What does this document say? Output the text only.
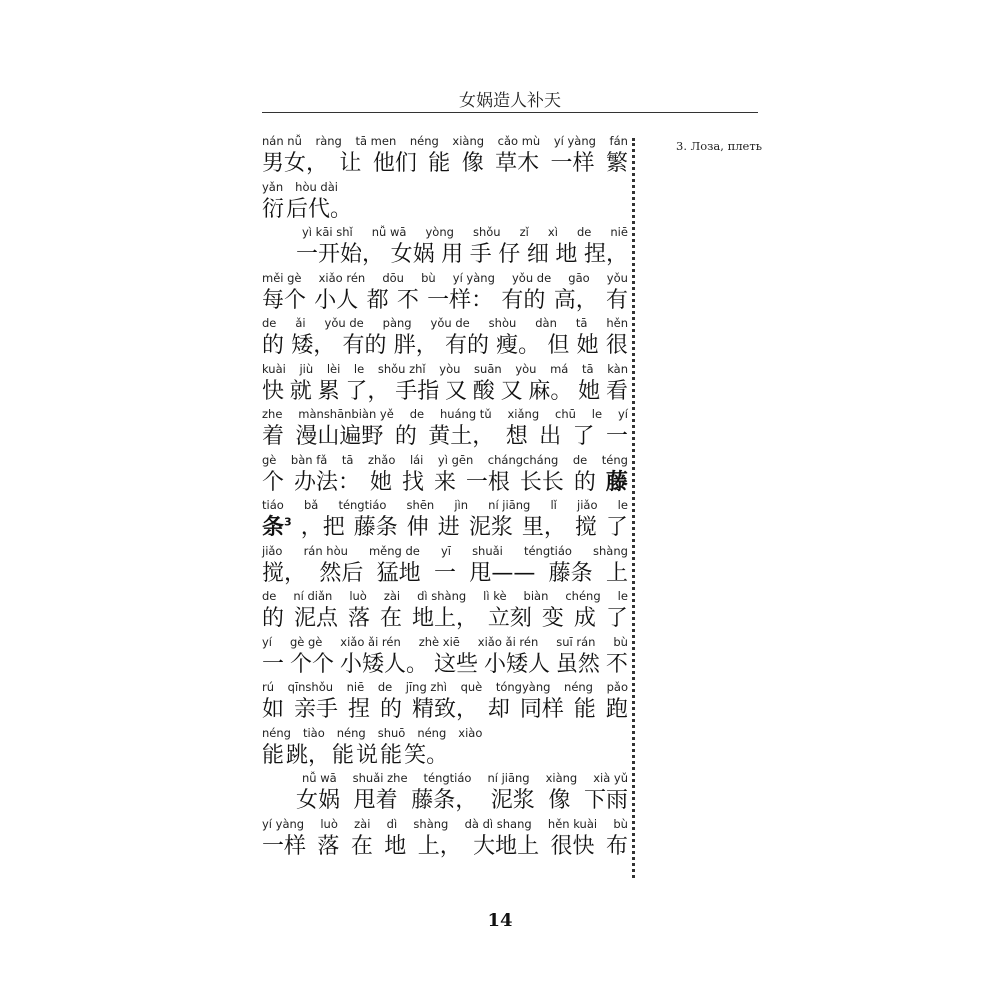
女娲造人补天
nán nǚ ràng tā men néng xiàng cǎo mù yí yàng fán
男女， 让 他们 能 像 草木 一样 繁
yǎn hòu dài
衍 后代。
yì kāi shǐ nǚ wā yòng shǒu zǐ xì de niē
一开始， 女娲 用 手 仔 细 地 捏，
měi gè xiǎo rén dōu bù yí yàng yǒu de gāo yǒu
每个 小人 都 不 一样： 有的 高， 有
de ǎi yǒu de pàng yǒu de shòu dàn tā hěn
的 矮， 有的 胖， 有的 瘦。 但 她 很
kuài jiù lèi le shǒu zhǐ yòu suān yòu má tā kàn
快 就 累 了， 手指 又 酸 又 麻。 她 看
zhe mànshānbiàn yě de huáng tǔ xiǎng chū le yí
着 漫山遍野 的 黄土， 想 出 了 一
gè bàn fǎ tā zhǎo lái yì gēn chángcháng de téng
个 办法： 她 找 来 一根 长长 的 藤
tiáo bǎ téngtiáo shēn jìn ní jiāng lǐ jiǎo le
条$^3$ ，把 藤条 伸 进 泥浆 里， 搅 了
jiǎo rán hòu měng de yī shuǎi téngtiáo shàng
搅， 然后 猛地 一 甩—— 藤条 上
de ní diǎn luò zài dì shàng lì kè biàn chéng le
的 泥点 落 在 地上， 立刻 变 成 了
yí gè gè xiǎo ǎi rén zhè xiē xiǎo ǎi rén suī rán bù
一 个个 小矮人。 这些 小矮人 虽然 不
rú qīnshǒu niē de jīng zhì què tóngyàng néng pǎo
如 亲手 捏 的 精致， 却 同样 能 跑
néng tiào néng shuō néng xiào
能 跳， 能 说 能 笑。
nǚ wā shuǎi zhe téngtiáo ní jiāng xiàng xià yǔ
女娲 甩着 藤条， 泥浆 像 下雨
yí yàng luò zài dì shàng dà dì shang hěn kuài bù
一样 落 在 地 上， 大地上 很快 布
3. Лоза, плеть
14
